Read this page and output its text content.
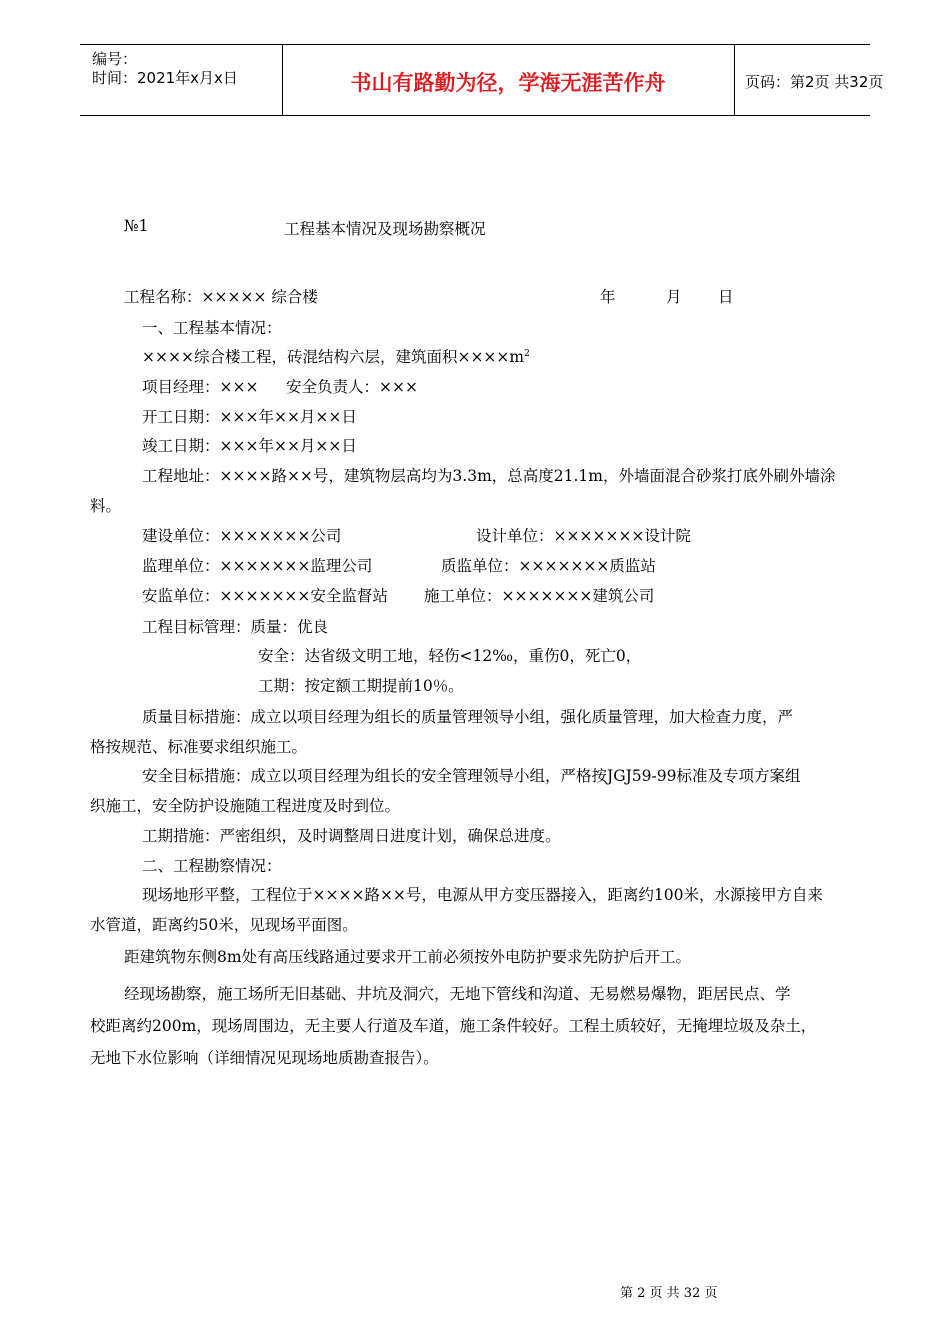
编号：
时间：2021年x月x日	书山有路勤为径，学海无涯苦作舟	页码：第2页 共32页
№1	工程基本情况及现场勘察概况
工程名称：××××× 综合楼	年	月 日
一、工程基本情况：
××××综合楼工程，砖混结构六层，建筑面积$\times\times\times\times m^2$
项目经理：××× 安全负责人：×××
开工日期：×××年××月××日
竣工日期：×××年××月××日
工程地址：××××路××号，建筑物层高均为3.3m，总高度21.1m，外墙面混合砂浆打底外刷外墙涂
料。
建设单位：×××××××公司	设计单位：×××××××设计院
监理单位：×××××××监理公司	质监单位：×××××××质监站
安监单位：×××××××安全监督站 施工单位：×××××××建筑公司
工程目标管理：质量：优良
安全：达省级文明工地，轻伤<12‰，重伤0，死亡0，
工期：按定额工期提前10％。
质量目标措施：成立以项目经理为组长的质量管理领导小组，强化质量管理，加大检查力度，严
格按规范、标准要求组织施工。
安全目标措施：成立以项目经理为组长的安全管理领导小组，严格按JGJ59-99标准及专项方案组
织施工，安全防护设施随工程进度及时到位。
工期措施：严密组织，及时调整周日进度计划，确保总进度。
二、工程勘察情况：
现场地形平整，工程位于××××路××号，电源从甲方变压器接入，距离约100米，水源接甲方自来
水管道，距离约50米，见现场平面图。
距建筑物东侧8m处有高压线路通过要求开工前必须按外电防护要求先防护后开工。
经现场勘察，施工场所无旧基础、井坑及洞穴，无地下管线和沟道、无易燃易爆物，距居民点、学
校距离约200m，现场周围边，无主要人行道及车道，施工条件较好。工程土质较好，无掩埋垃圾及杂土，
无地下水位影响（详细情况见现场地质勘查报告）。
第 2 页 共 32 页
